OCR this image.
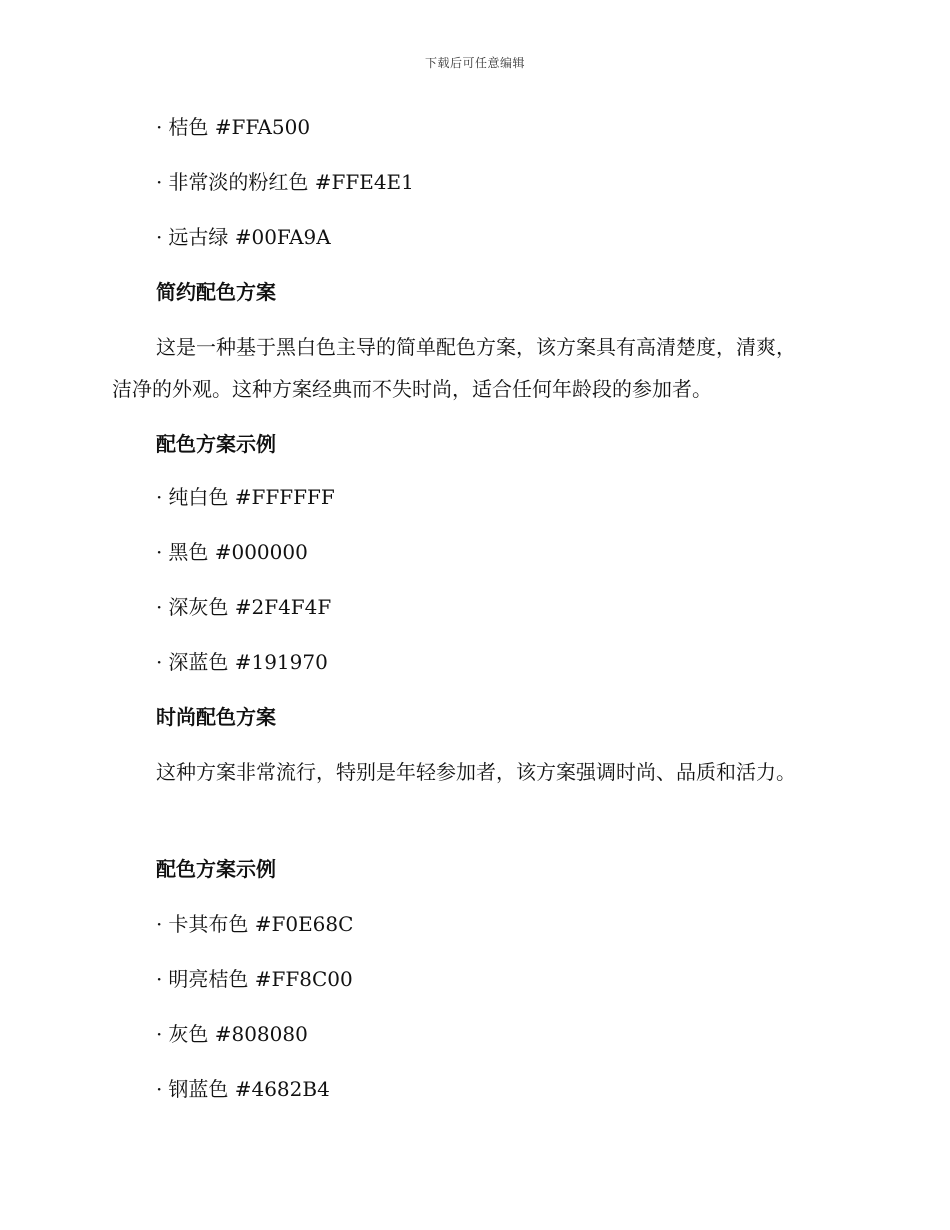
下载后可任意编辑
· 桔色 #FFA500
· 非常淡的粉红色 #FFE4E1
· 远古绿 #00FA9A
简约配色方案

这是一种基于黑白色主导的简单配色方案，该方案具有高清楚度，清爽，洁净的外观。这种方案经典而不失时尚，适合任何年龄段的参加者。

配色方案示例
· 纯白色 #FFFFFF
· 黑色 #000000
· 深灰色 #2F4F4F
· 深蓝色 #191970
时尚配色方案

这种方案非常流行，特别是年轻参加者，该方案强调时尚、品质和活力。

配色方案示例
· 卡其布色 #F0E68C
· 明亮桔色 #FF8C00
· 灰色 #808080
· 钢蓝色 #4682B4
